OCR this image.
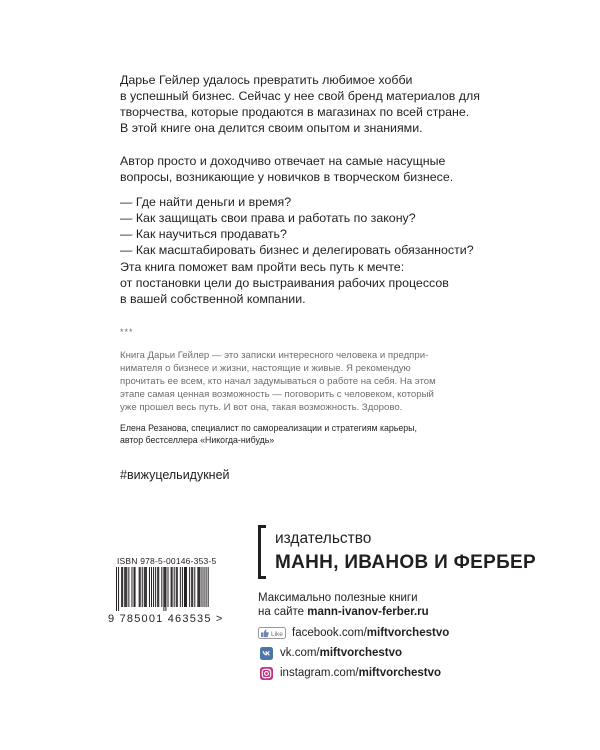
Дарье Гейлер удалось превратить любимое хобби

в успешный бизнес. Сейчас у нее свой бренд материалов для

творчества, которые продаются в магазинах по всей стране.

В этой книге она делится своим опытом и знаниями.

Автор просто и доходчиво отвечает на самые насущные

вопросы, возникающие у новичков в творческом бизнесе.

— Где найти деньги и время?

— Как защищать свои права и работать по закону?

— Как научиться продавать?

— Как масштабировать бизнес и делегировать обязанности?

Эта книга поможет вам пройти весь путь к мечте:

от постановки цели до выстраивания рабочих процессов

в вашей собственной компании.

***

Книга Дарьи Гейлер — это записки интересного человека и предпри-

нимателя о бизнесе и жизни, настоящие и живые. Я рекомендую

прочитать ее всем, кто начал задумываться о работе на себя. На этом

этапе самая ценная возможность — поговорить с человеком, который

уже прошел весь путь. И вот она, такая возможность. Здорово.

Елена Резанова, специалист по самореализации и стратегиям карьеры,
автор бестселлера «Никогда-нибудь»
#вижуцельидукней
ISBN 978-5-00146-353-5
9 785001 463535 >
издательство
МАНН, ИВАНОВ И ФЕРБЕР
Максимально полезные книги
на сайте mann-ivanov-ferber.ru
Like facebook.com/ miftvorchestvo
vk.com/ miftvorchestvo
instagram.com/ miftvorchestvo
